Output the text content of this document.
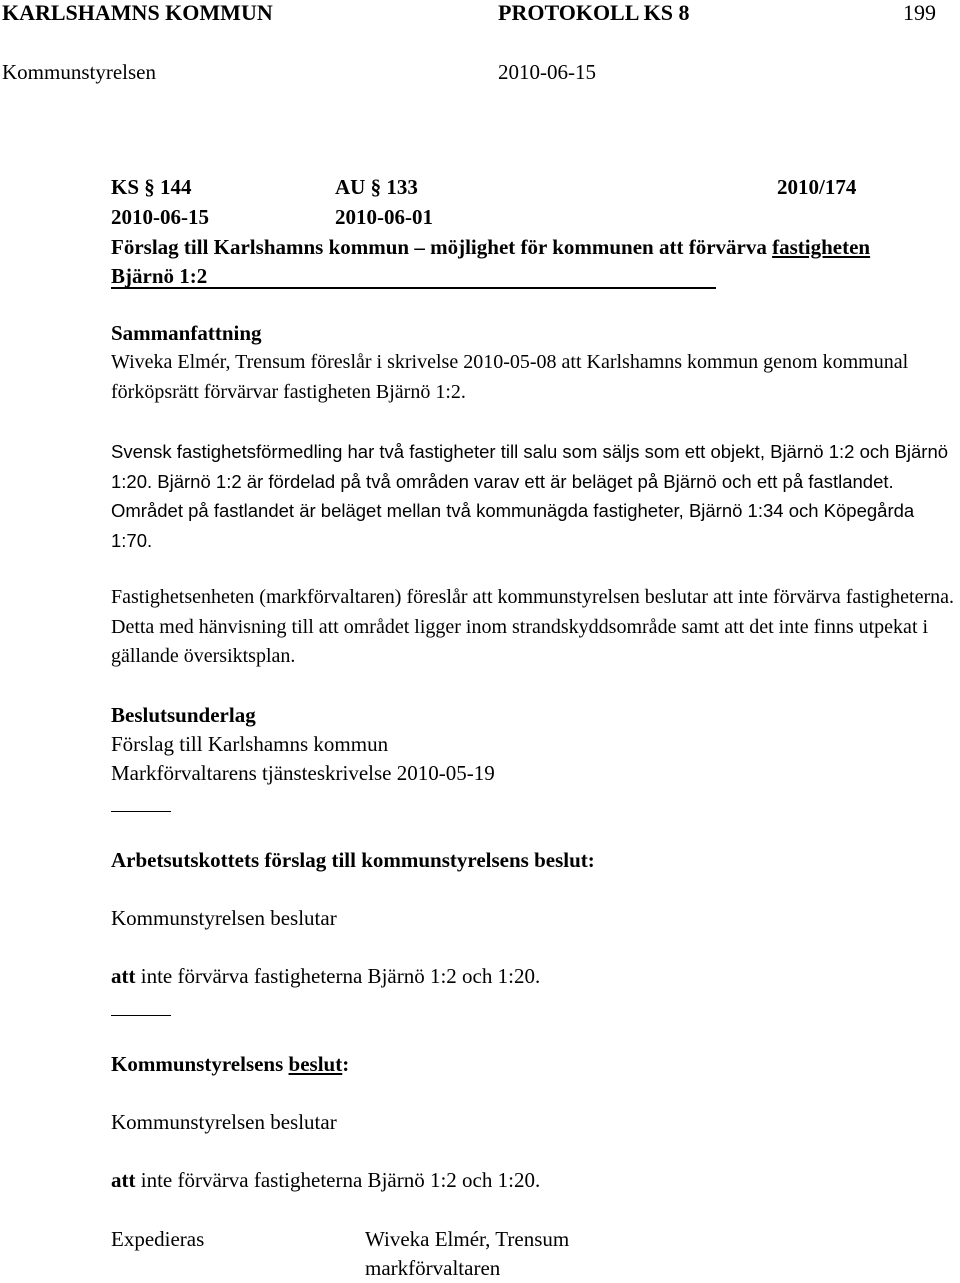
KARLSHAMNS KOMMUN	PROTOKOLL KS 8	199
Kommunstyrelsen	2010-06-15
KS § 144	AU § 133	2010/174
2010-06-15	2010-06-01
Förslag till Karlshamns kommun – möjlighet för kommunen att förvärva fastigheten
Bjärnö 1:2
Sammanfattning
Wiveka Elmér, Trensum föreslår i skrivelse 2010-05-08 att Karlshamns kommun genom kommunal förköpsrätt förvärvar fastigheten Bjärnö 1:2.
Svensk fastighetsförmedling har två fastigheter till salu som säljs som ett objekt, Bjärnö 1:2 och Bjärnö 1:20. Bjärnö 1:2 är fördelad på två områden varav ett är beläget på Bjärnö och ett på fastlandet. Området på fastlandet är beläget mellan två kommunägda fastigheter, Bjärnö 1:34 och Köpegårda 1:70.
Fastighetsenheten (markförvaltaren) föreslår att kommunstyrelsen beslutar att inte förvärva fastigheterna. Detta med hänvisning till att området ligger inom strandskyddsområde samt att det inte finns utpekat i gällande översiktsplan.
Beslutsunderlag
Förslag till Karlshamns kommun
Markförvaltarens tjänsteskrivelse 2010-05-19
Arbetsutskottets förslag till kommunstyrelsens beslut:
Kommunstyrelsen beslutar
att inte förvärva fastigheterna Bjärnö 1:2 och 1:20.
Kommunstyrelsens beslut:
Kommunstyrelsen beslutar
att inte förvärva fastigheterna Bjärnö 1:2 och 1:20.
Expedieras	Wiveka Elmér, Trensum
markförvaltaren
